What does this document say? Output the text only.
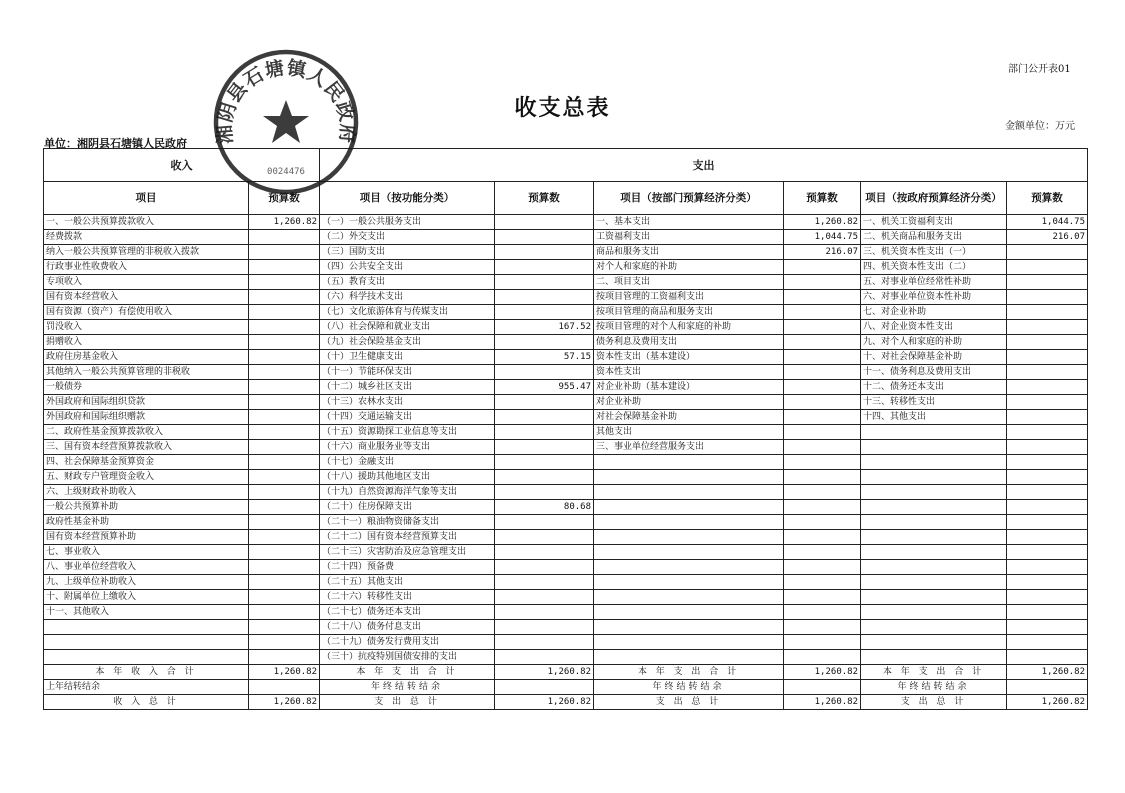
部门公开表01
收支总表
金额单位：万元
单位：湘阴县石塘镇人民政府
收入		支出					
项目	预算数	项目（按功能分类）	预算数	项目（按部门预算经济分类）	预算数	项目（按政府预算经济分类）	预算数
一、一般公共预算拨款收入	1,260.82	（一）一般公共服务支出		一、基本支出	1,260.82	一、机关工资福利支出	1,044.75
经费拨款		（二）外交支出		工资福利支出	1,044.75	二、机关商品和服务支出	216.07
纳入一般公共预算管理的非税收入拨款		（三）国防支出		商品和服务支出	216.07	三、机关资本性支出（一）	
行政事业性收费收入		（四）公共安全支出		对个人和家庭的补助		四、机关资本性支出（二）	
专项收入		（五）教育支出		二、项目支出		五、对事业单位经常性补助	
国有资本经营收入		（六）科学技术支出		按项目管理的工资福利支出		六、对事业单位资本性补助	
国有资源（资产）有偿使用收入		（七）文化旅游体育与传媒支出		按项目管理的商品和服务支出		七、对企业补助	
罚没收入		（八）社会保障和就业支出	167.52	按项目管理的对个人和家庭的补助		八、对企业资本性支出	
捐赠收入		（九）社会保险基金支出		债务利息及费用支出		九、对个人和家庭的补助	
政府住房基金收入		（十）卫生健康支出	57.15	资本性支出（基本建设）		十、对社会保障基金补助	
其他纳入一般公共预算管理的非税收		（十一）节能环保支出		资本性支出		十一、债务利息及费用支出	
一般债券		（十二）城乡社区支出	955.47	对企业补助（基本建设）		十二、债务还本支出	
外国政府和国际组织贷款		（十三）农林水支出		对企业补助		十三、转移性支出	
外国政府和国际组织赠款		（十四）交通运输支出		对社会保障基金补助		十四、其他支出	
二、政府性基金预算拨款收入		（十五）资源勘探工业信息等支出		其他支出			
三、国有资本经营预算拨款收入		（十六）商业服务业等支出		三、事业单位经营服务支出			
四、社会保障基金预算资金		（十七）金融支出					
五、财政专户管理资金收入		（十八）援助其他地区支出					
六、上级财政补助收入		（十九）自然资源海洋气象等支出					
一般公共预算补助		（二十）住房保障支出	80.68				
政府性基金补助		（二十一）粮油物资储备支出					
国有资本经营预算补助		（二十二）国有资本经营预算支出					
七、事业收入		（二十三）灾害防治及应急管理支出					
八、事业单位经营收入		（二十四）预备费					
九、上级单位补助收入		（二十五）其他支出					
十、附属单位上缴收入		（二十六）转移性支出					
十一、其他收入		（二十七）债务还本支出					
		（二十八）债务付息支出					
		（二十九）债务发行费用支出					
		（三十）抗疫特别国债安排的支出					
本 年 收 入 合 计	1,260.82	本 年 支 出 合 计	1,260.82	本 年 支 出 合 计	1,260.82	本 年 支 出 合 计	1,260.82
上年结转结余		年终结转结余		年终结转结余		年终结转结余	
收 入 总 计	1,260.82	支 出 总 计	1,260.82	支 出 总 计	1,260.82	支 出 总 计	1,260.82
湘阴县石塘镇人民政府
0024476
